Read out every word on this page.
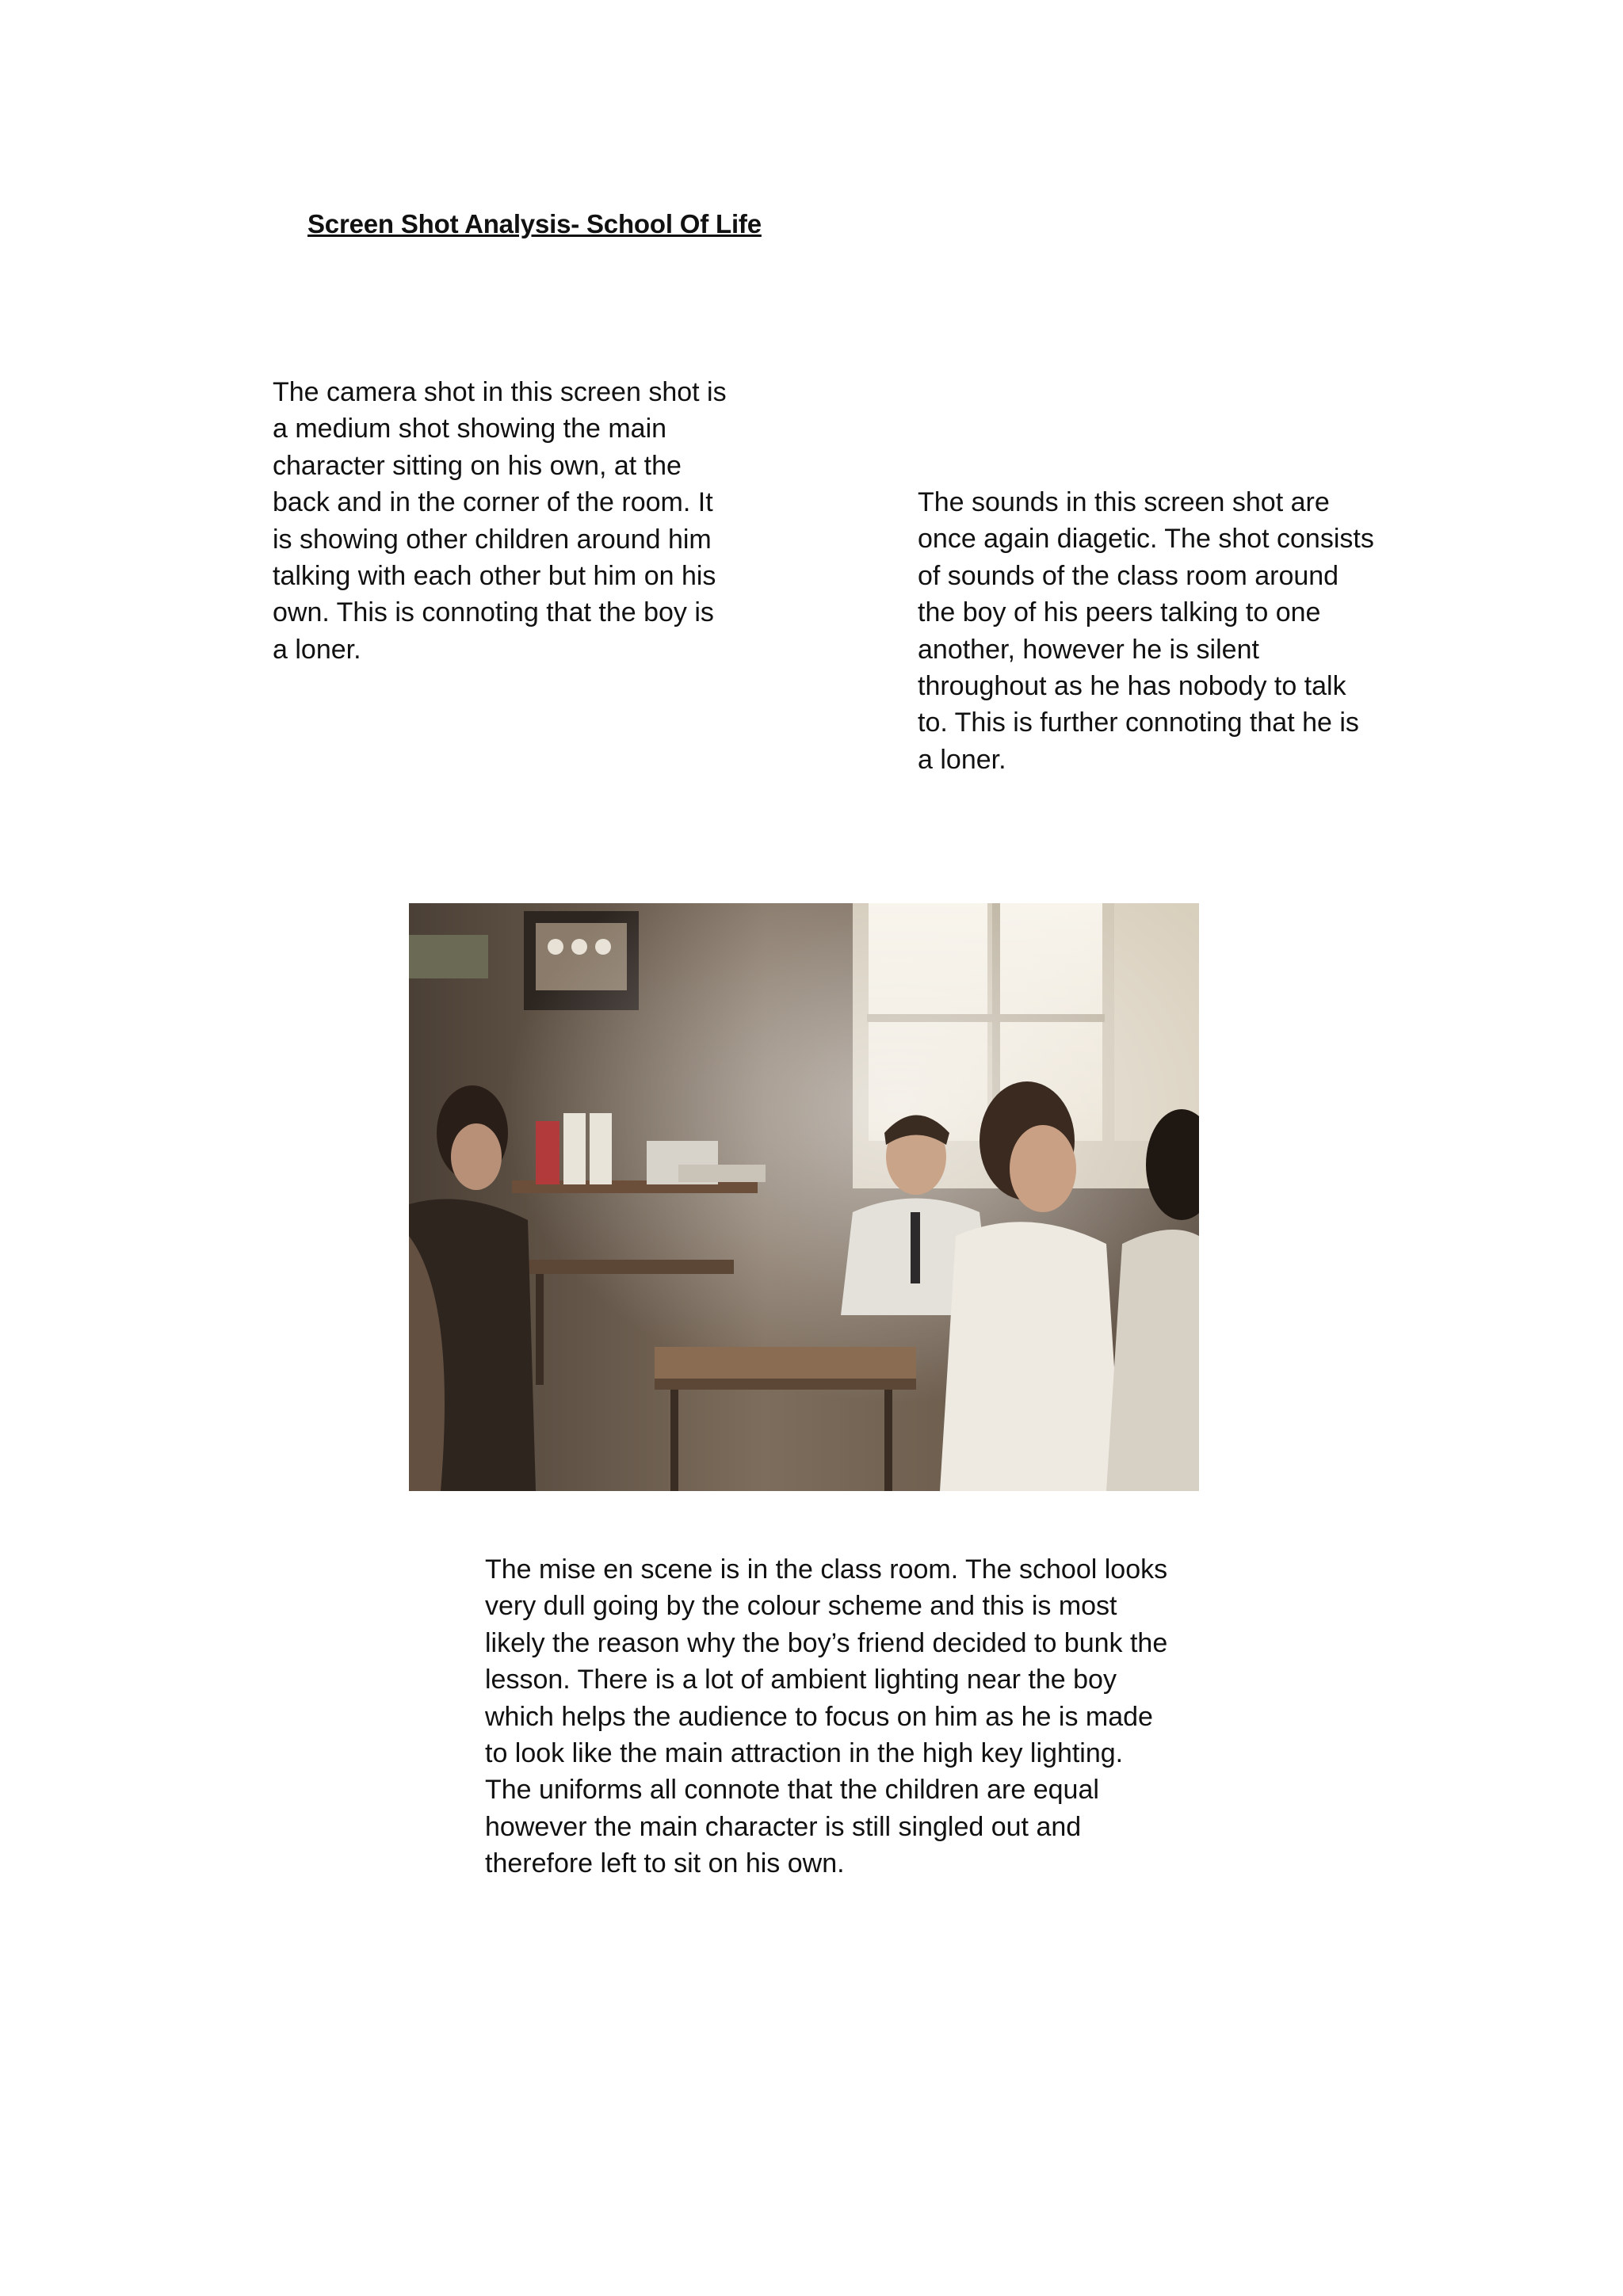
Screen Shot Analysis- School Of Life

The camera shot in this screen shot is a medium shot showing the main character sitting on his own, at the back and in the corner of the room. It is showing other children around him talking with each other but him on his own. This is connoting that the boy is a loner.

The sounds in this screen shot are once again diagetic. The shot consists of sounds of the class room around the boy of his peers talking to one another, however he is silent throughout as he has nobody to talk to. This is further connoting that he is a loner.

The mise en scene is in the class room. The school looks very dull going by the colour scheme and this is most likely the reason why the boy’s friend decided to bunk the lesson. There is a lot of ambient lighting near the boy which helps the audience to focus on him as he is made to look like the main attraction in the high key lighting. The uniforms all connote that the children are equal however the main character is still singled out and therefore left to sit on his own.
